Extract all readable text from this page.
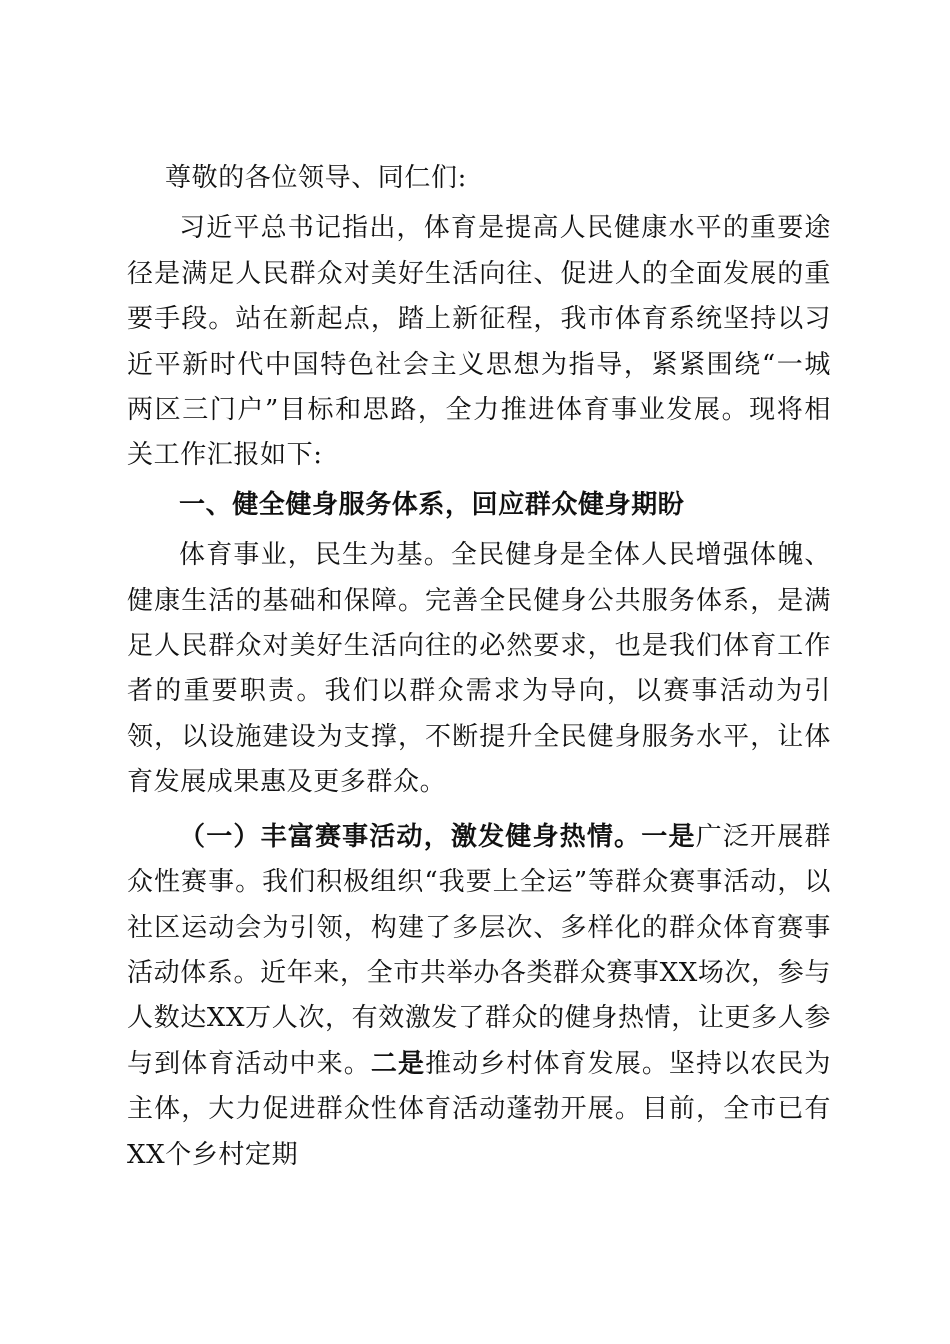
尊敬的各位领导、同仁们:

习近平总书记指出，体育是提高人民健康水平的重要途径是满足人民群众对美好生活向往、促进人的全面发展的重要手段。站在新起点，踏上新征程，我市体育系统坚持以习近平新时代中国特色社会主义思想为指导，紧紧围绕“一城两区三门户”目标和思路，全力推进体育事业发展。现将相关工作汇报如下:

一、健全健身服务体系，回应群众健身期盼

体育事业，民生为基。全民健身是全体人民增强体魄、健康生活的基础和保障。完善全民健身公共服务体系，是满足人民群众对美好生活向往的必然要求，也是我们体育工作者的重要职责。我们以群众需求为导向，以赛事活动为引领，以设施建设为支撑，不断提升全民健身服务水平，让体育发展成果惠及更多群众。

（一）丰富赛事活动，激发健身热情。一是广泛开展群众性赛事。我们积极组织“我要上全运”等群众赛事活动，以社区运动会为引领，构建了多层次、多样化的群众体育赛事活动体系。近年来，全市共举办各类群众赛事XX场次，参与人数达XX万人次，有效激发了群众的健身热情，让更多人参与到体育活动中来。二是推动乡村体育发展。坚持以农民为主体，大力促进群众性体育活动蓬勃开展。目前，全市已有XX个乡村定期
